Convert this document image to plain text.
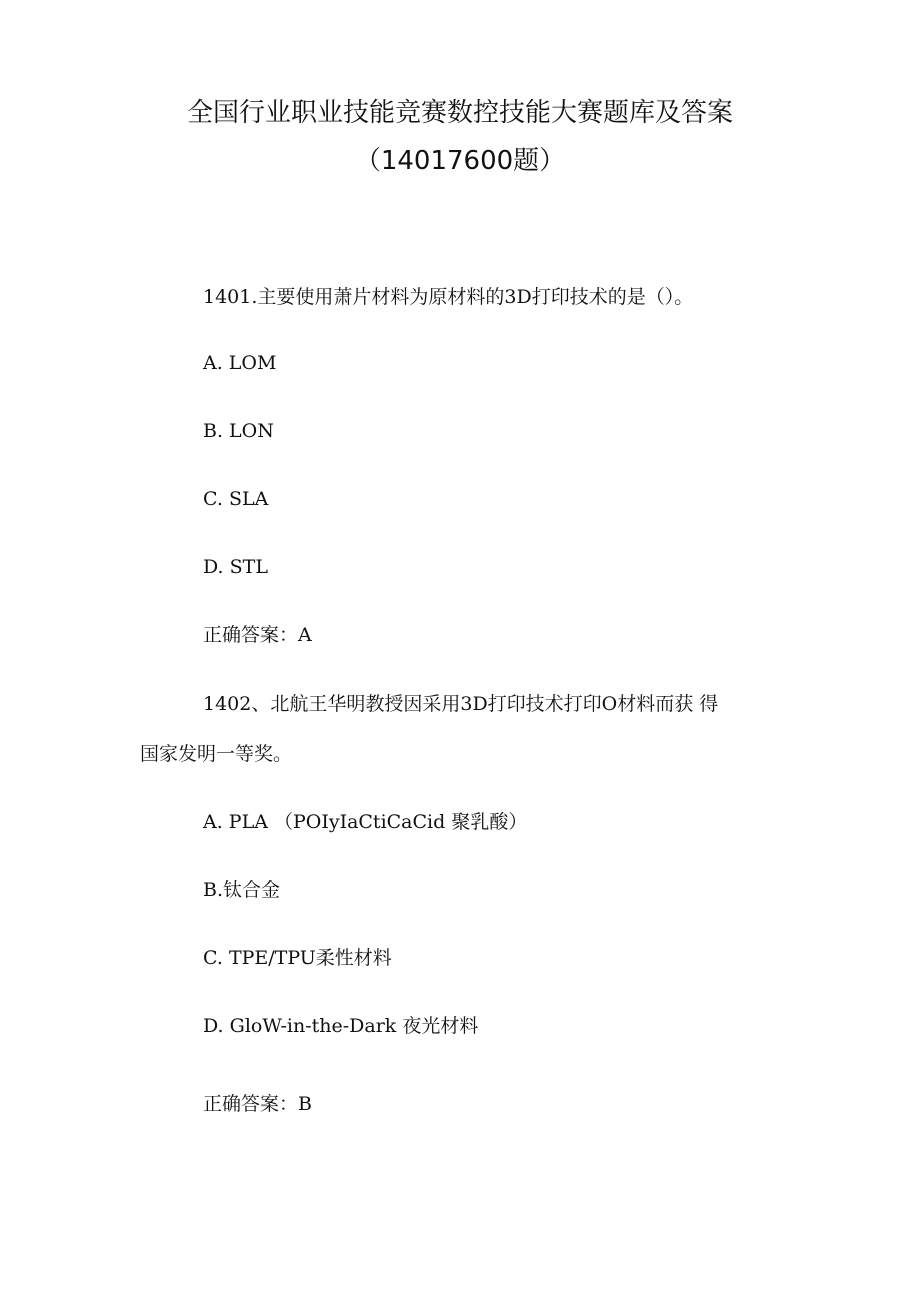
全国行业职业技能竞赛数控技能大赛题库及答案
（14017600题）
1401.主要使用萧片材料为原材料的3D打印技术的是（）。
A. LOM
B. LON
C. SLA
D. STL
正确答案：A
1402、北航王华明教授因采用3D打印技术打印O材料而获 得
国家发明一等奖。
A. PLA （POIyIaCtiCaCid 聚乳酸）
B.钛合金
C. TPE/TPU柔性材料
D. GloW-in-the-Dark 夜光材料
正确答案：B
